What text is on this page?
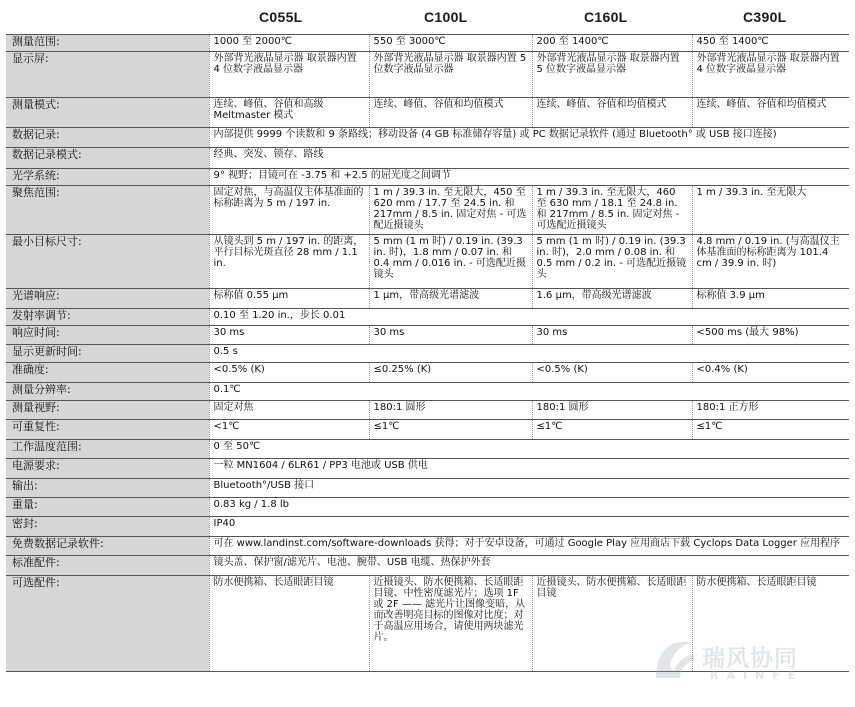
C055L	C100L	C160L	C390L
测量范围:	1000 至 2000℃	550 至 3000℃	200 至 1400℃	450 至 1400℃
显示屏:	外部背光液晶显示器 取景器内置 4 位数字液晶显示器	外部背光液晶显示器 取景器内置 5 位数字液晶显示器	外部背光液晶显示器 取景器内置 5 位数字液晶显示器	外部背光液晶显示器 取景器内置 4 位数字液晶显示器
测量模式:	连续、峰值、谷值和高级 Meltmaster 模式	连续、峰值、谷值和均值模式	连续、峰值、谷值和均值模式	连续、峰值、谷值和均值模式
数据记录:	内部提供 9999 个读数和 9 条路线；移动设备 (4 GB 标准储存容量) 或 PC 数据记录软件 (通过 Bluetooth° 或 USB 接口连接)			
数据记录模式:	经典、突发、锁存、路线			
光学系统:	9° 视野；目镜可在 -3.75 和 +2.5 的屈光度之间调节			
聚焦范围:	固定对焦，与高温仪主体基准面的标称距离为 5 m / 197 in.	1 m / 39.3 in. 至无限大，450 至 620 mm / 17.7 至 24.5 in. 和 217mm / 8.5 in. 固定对焦 - 可选配近摄镜头	1 m / 39.3 in. 至无限大，460 至 630 mm / 18.1 至 24.8 in. 和 217mm / 8.5 in. 固定对焦 - 可选配近摄镜头	1 m / 39.3 in. 至无限大
最小目标尺寸:	从镜头到 5 m / 197 in. 的距离，平行目标光斑直径 28 mm / 1.1 in.	5 mm (1 m 时) / 0.19 in. (39.3 in. 时)，1.8 mm / 0.07 in. 和 0.4 mm / 0.016 in. - 可选配近摄镜头	5 mm (1 m 时) / 0.19 in. (39.3 in. 时)，2.0 mm / 0.08 in. 和 0.5 mm / 0.2 in. - 可选配近摄镜头	4.8 mm / 0.19 in. (与高温仪主体基准面的标称距离为 101.4 cm / 39.9 in. 时)
光谱响应:	标称值 0.55 μm	1 μm，带高级光谱滤波	1.6 μm，带高级光谱滤波	标称值 3.9 μm
发射率调节:	0.10 至 1.20 in.，步长 0.01			
响应时间:	30 ms	30 ms	30 ms	<500 ms (最大 98%)
显示更新时间:	0.5 s			
准确度:	<0.5% (K)	≤0.25% (K)	<0.5% (K)	<0.4% (K)
测量分辨率:	0.1℃			
测量视野:	固定对焦	180:1 圆形	180:1 圆形	180:1 正方形
可重复性:	<1℃	≤1℃	≤1℃	≤1℃
工作温度范围:	0 至 50℃			
电源要求:	一粒 MN1604 / 6LR61 / PP3 电池或 USB 供电			
输出:	Bluetooth°/USB 接口			
重量:	0.83 kg / 1.8 lb			
密封:	IP40			
免费数据记录软件:	可在 www.landinst.com/software-downloads 获得；对于安卓设备，可通过 Google Play 应用商店下载 Cyclops Data Logger 应用程序			
标准配件:	镜头盖、保护窗/滤光片、电池、腕带、USB 电缆、热保护外套			
可选配件:	防水便携箱、长适眼距目镜	近摄镜头、防水便携箱、长适眼距目镜、中性密度滤光片；选项 1F 或 2F —— 滤光片让图像变暗，从而改善明亮目标的图像对比度；对于高温应用场合，请使用两块滤光片。	近摄镜头、防水便携箱、长适眼距目镜	防水便携箱、长适眼距目镜
瑞风协同
RAINFE
